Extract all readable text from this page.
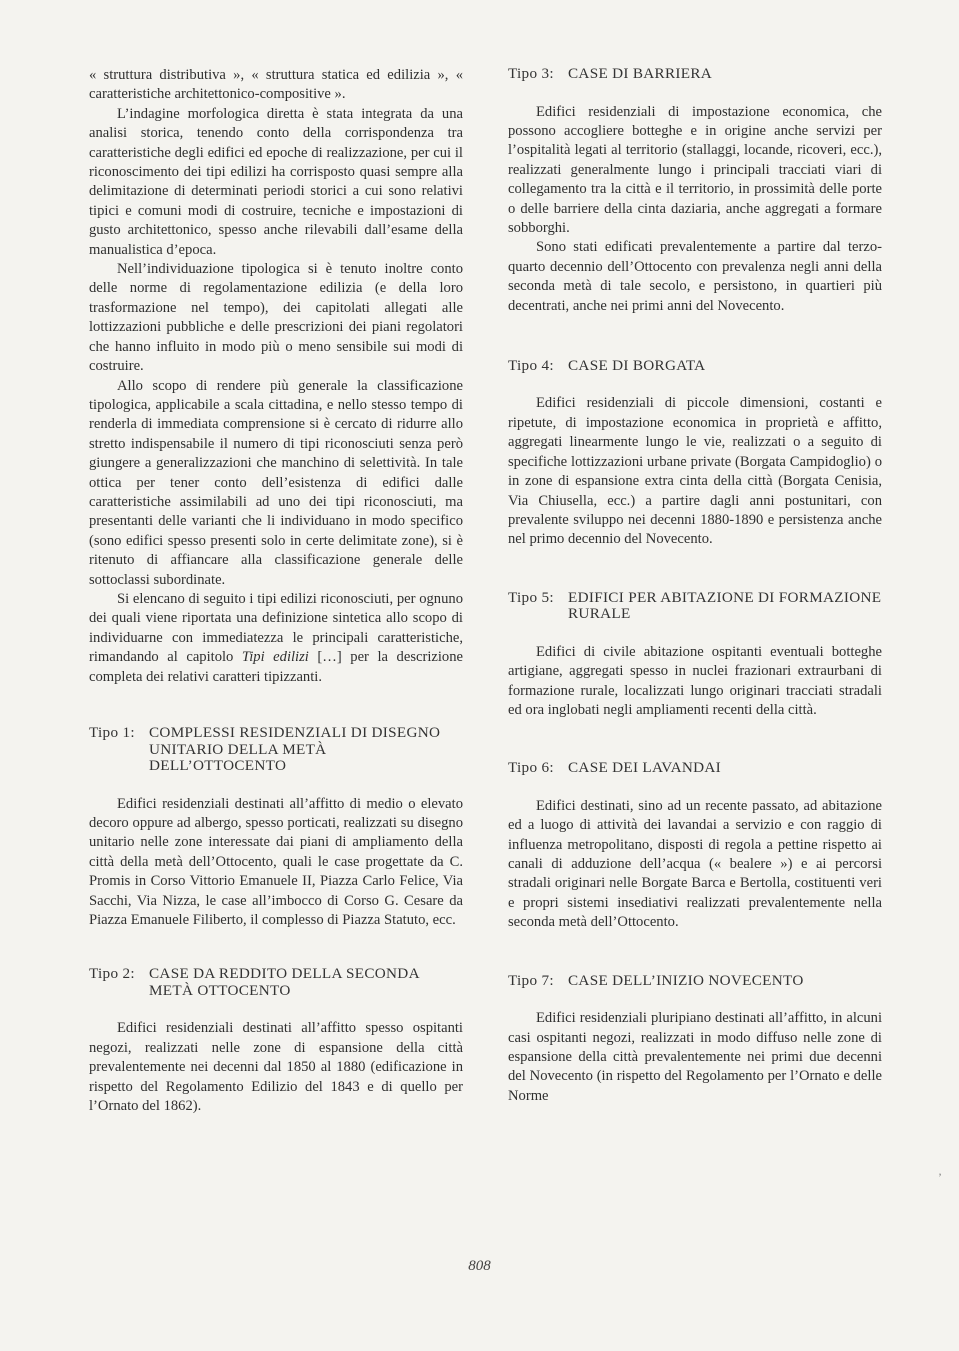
« struttura distributiva », « struttura statica ed edilizia », « caratteristiche architettonico-compositive ».

L’indagine morfologica diretta è stata integrata da una analisi storica, tenendo conto della corrispondenza tra caratteristiche degli edifici ed epoche di realizzazione, per cui il riconoscimento dei tipi edilizi ha corrisposto quasi sempre alla delimitazione di determinati periodi storici a cui sono relativi tipici e comuni modi di costruire, tecniche e impostazioni di gusto architettonico, spesso anche rilevabili dall’esame della manualistica d’epoca.

Nell’individuazione tipologica si è tenuto inoltre conto delle norme di regolamentazione edilizia (e della loro trasformazione nel tempo), dei capitolati allegati alle lottizzazioni pubbliche e delle prescrizioni dei piani regolatori che hanno influito in modo più o meno sensibile sui modi di costruire.

Allo scopo di rendere più generale la classificazione tipologica, applicabile a scala cittadina, e nello stesso tempo di renderla di immediata comprensione si è cercato di ridurre allo stretto indispensabile il numero di tipi riconosciuti senza però giungere a generalizzazioni che manchino di selettività. In tale ottica per tener conto dell’esistenza di edifici dalle caratteristiche assimilabili ad uno dei tipi riconosciuti, ma presentanti delle varianti che li individuano in modo specifico (sono edifici spesso presenti solo in certe delimitate zone), si è ritenuto di affiancare alla classificazione generale delle sottoclassi subordinate.

Si elencano di seguito i tipi edilizi riconosciuti, per ognuno dei quali viene riportata una definizione sintetica allo scopo di individuarne con immediatezza le principali caratteristiche, rimandando al capitolo Tipi edilizi […] per la descrizione completa dei relativi caratteri tipizzanti.

Tipo 1: COMPLESSI RESIDENZIALI DI DISEGNO UNITARIO DELLA METÀ DELL’OTTOCENTO

Edifici residenziali destinati all’affitto di medio o elevato decoro oppure ad albergo, spesso porticati, realizzati su disegno unitario nelle zone interessate dai piani di ampliamento della città della metà dell’Ottocento, quali le case progettate da C. Promis in Corso Vittorio Emanuele II, Piazza Carlo Felice, Via Sacchi, Via Nizza, le case all’imbocco di Corso G. Cesare da Piazza Emanuele Filiberto, il complesso di Piazza Statuto, ecc.

Tipo 2: CASE DA REDDITO DELLA SECONDA METÀ OTTOCENTO

Edifici residenziali destinati all’affitto spesso ospitanti negozi, realizzati nelle zone di espansione della città prevalentemente nei decenni dal 1850 al 1880 (edificazione in rispetto del Regolamento Edilizio del 1843 e di quello per l’Ornato del 1862).

Tipo 3: CASE DI BARRIERA

Edifici residenziali di impostazione economica, che possono accogliere botteghe e in origine anche servizi per l’ospitalità legati al territorio (stallaggi, locande, ricoveri, ecc.), realizzati generalmente lungo i principali tracciati viari di collegamento tra la città e il territorio, in prossimità delle porte o delle barriere della cinta daziaria, anche aggregati a formare sobborghi.

Sono stati edificati prevalentemente a partire dal terzo-quarto decennio dell’Ottocento con prevalenza negli anni della seconda metà di tale secolo, e persistono, in quartieri più decentrati, anche nei primi anni del Novecento.

Tipo 4: CASE DI BORGATA

Edifici residenziali di piccole dimensioni, costanti e ripetute, di impostazione economica in proprietà e affitto, aggregati linearmente lungo le vie, realizzati o a seguito di specifiche lottizzazioni urbane private (Borgata Campidoglio) o in zone di espansione extra cinta della città (Borgata Cenisia, Via Chiusella, ecc.) a partire dagli anni postunitari, con prevalente sviluppo nei decenni 1880-1890 e persistenza anche nel primo decennio del Novecento.

Tipo 5: EDIFICI PER ABITAZIONE DI FORMAZIONE RURALE

Edifici di civile abitazione ospitanti eventuali botteghe artigiane, aggregati spesso in nuclei frazionari extraurbani di formazione rurale, localizzati lungo originari tracciati stradali ed ora inglobati negli ampliamenti recenti della città.

Tipo 6: CASE DEI LAVANDAI

Edifici destinati, sino ad un recente passato, ad abitazione ed a luogo di attività dei lavandai a servizio e con raggio di influenza metropolitano, disposti di regola a pettine rispetto ai canali di adduzione dell’acqua (« bealere ») e ai percorsi stradali originari nelle Borgate Barca e Bertolla, costituenti veri e propri sistemi insediativi realizzati prevalentemente nella seconda metà dell’Ottocento.

Tipo 7: CASE DELL’INIZIO NOVECENTO

Edifici residenziali pluripiano destinati all’affitto, in alcuni casi ospitanti negozi, realizzati in modo diffuso nelle zone di espansione della città prevalentemente nei primi due decenni del Novecento (in rispetto del Regolamento per l’Ornato e delle Norme

808
’
